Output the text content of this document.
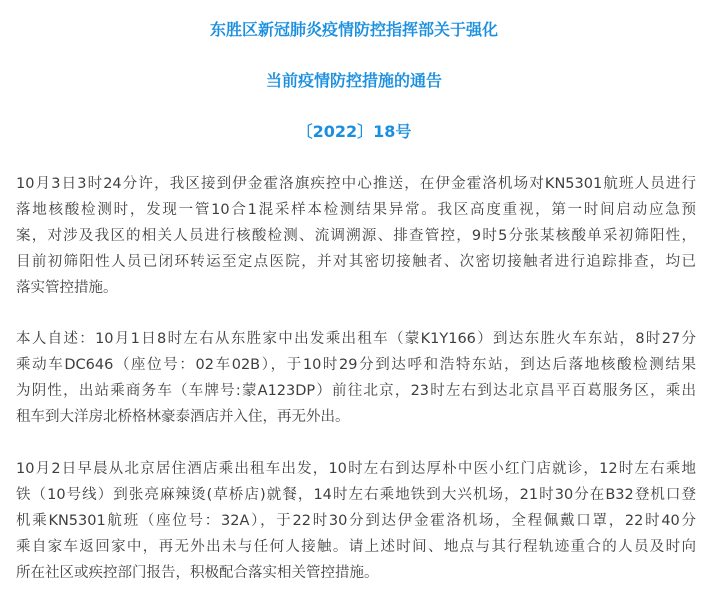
东胜区新冠肺炎疫情防控指挥部关于强化
当前疫情防控措施的通告
〔2022〕18号
10月3日3时24分许，我区接到伊金霍洛旗疾控中心推送，在伊金霍洛机场对KN5301航班人员进行
落地核酸检测时，发现一管10合1混采样本检测结果异常。我区高度重视，第一时间启动应急预
案，对涉及我区的相关人员进行核酸检测、流调溯源、排查管控，9时5分张某核酸单采初筛阳性，
目前初筛阳性人员已闭环转运至定点医院，并对其密切接触者、次密切接触者进行追踪排查，均已
落实管控措施。
本人自述：10月1日8时左右从东胜家中出发乘出租车（蒙K1Y166）到达东胜火车东站，8时27分
乘动车DC646（座位号：02车02B），于10时29分到达呼和浩特东站，到达后落地核酸检测结果
为阴性，出站乘商务车（车牌号:蒙A123DP）前往北京，23时左右到达北京昌平百葛服务区，乘出
租车到大洋房北桥格林豪泰酒店并入住，再无外出。
10月2日早晨从北京居住酒店乘出租车出发，10时左右到达厚朴中医小红门店就诊，12时左右乘地
铁（10号线）到张亮麻辣烫(草桥店)就餐，14时左右乘地铁到大兴机场，21时30分在B32登机口登
机乘KN5301航班（座位号：32A），于22时30分到达伊金霍洛机场，全程佩戴口罩，22时40分
乘自家车返回家中，再无外出未与任何人接触。请上述时间、地点与其行程轨迹重合的人员及时向
所在社区或疾控部门报告，积极配合落实相关管控措施。
